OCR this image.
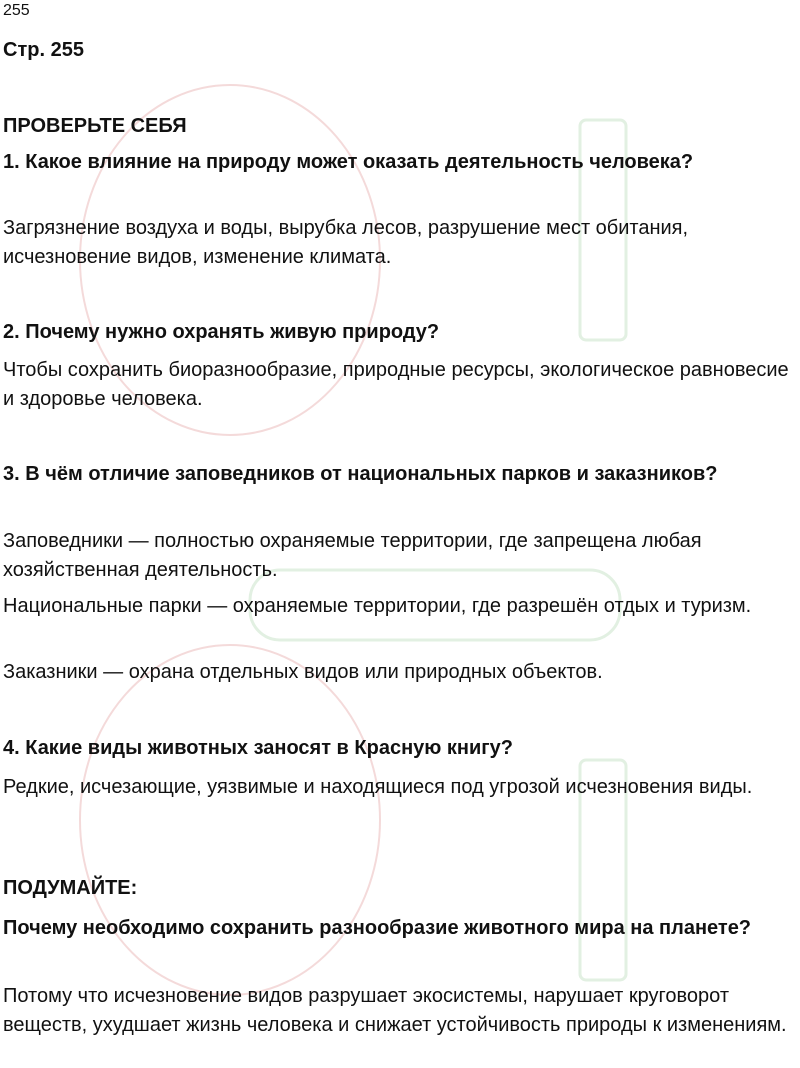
255
Стр. 255

ПРОВЕРЬТЕ СЕБЯ

1. Какое влияние на природу может оказать деятельность человека?

Загрязнение воздуха и воды, вырубка лесов, разрушение мест обитания, исчезновение видов, изменение климата.

2. Почему нужно охранять живую природу?

Чтобы сохранить биоразнообразие, природные ресурсы, экологическое равновесие и здоровье человека.

3. В чём отличие заповедников от национальных парков и заказников?

Заповедники — полностью охраняемые территории, где запрещена любая хозяйственная деятельность.

Национальные парки — охраняемые территории, где разрешён отдых и туризм.

Заказники — охрана отдельных видов или природных объектов.

4. Какие виды животных заносят в Красную книгу?

Редкие, исчезающие, уязвимые и находящиеся под угрозой исчезновения виды.

ПОДУМАЙТЕ:

Почему необходимо сохранить разнообразие животного мира на планете?

Потому что исчезновение видов разрушает экосистемы, нарушает круговорот веществ, ухудшает жизнь человека и снижает устойчивость природы к изменениям.
